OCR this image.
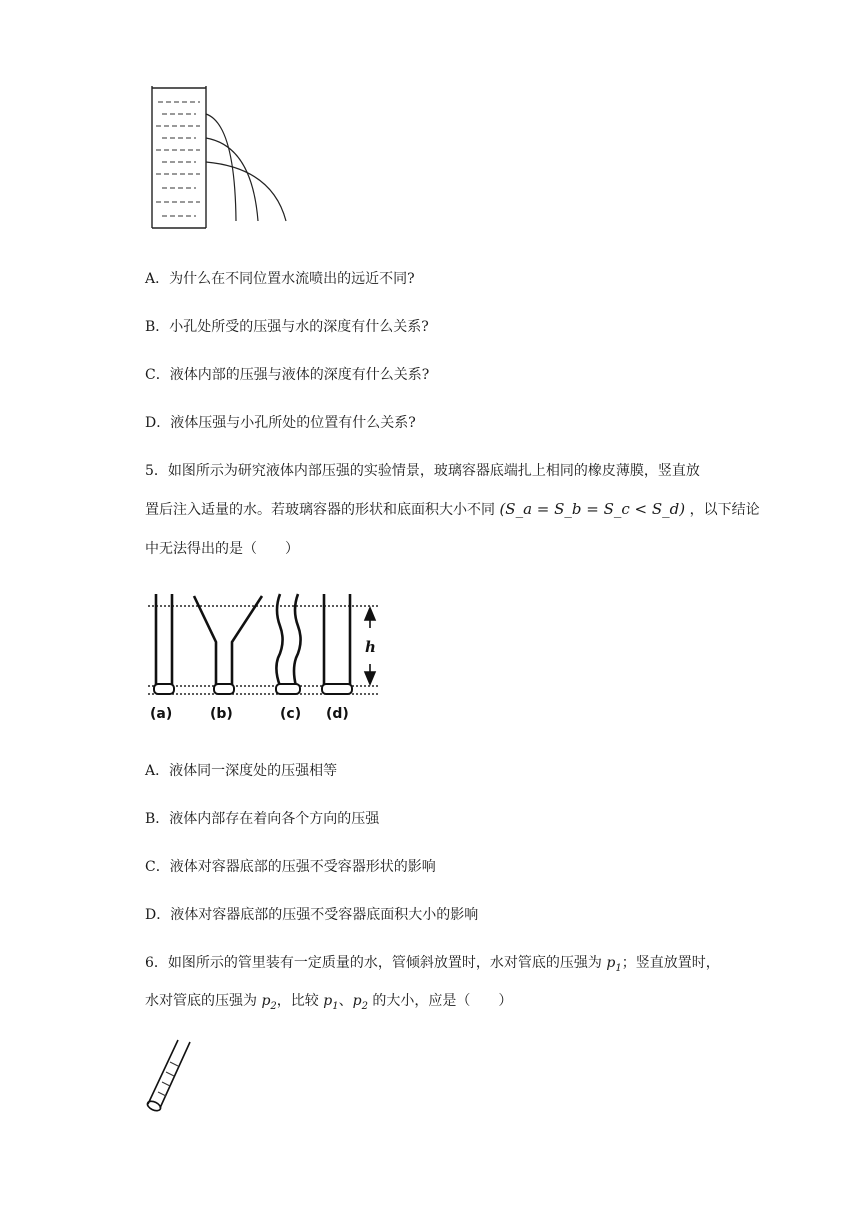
A．为什么在不同位置水流喷出的远近不同?
B．小孔处所受的压强与水的深度有什么关系?
C．液体内部的压强与液体的深度有什么关系?
D．液体压强与小孔所处的位置有什么关系?
5．如图所示为研究液体内部压强的实验情景，玻璃容器底端扎上相同的橡皮薄膜，竖直放
置后注入适量的水。若玻璃容器的形状和底面积大小不同 (S_a = S_b = S_c < S_d) ，以下结论
中无法得出的是（　　）
h
(a)	(b)	(c) (d)
A．液体同一深度处的压强相等
B．液体内部存在着向各个方向的压强
C．液体对容器底部的压强不受容器形状的影响
D．液体对容器底部的压强不受容器底面积大小的影响
6．如图所示的管里装有一定质量的水，管倾斜放置时，水对管底的压强为 $p_1$；竖直放置时，
水对管底的压强为 $p_2$，比较 $p_1$、$p_2$ 的大小，应是（　　）
